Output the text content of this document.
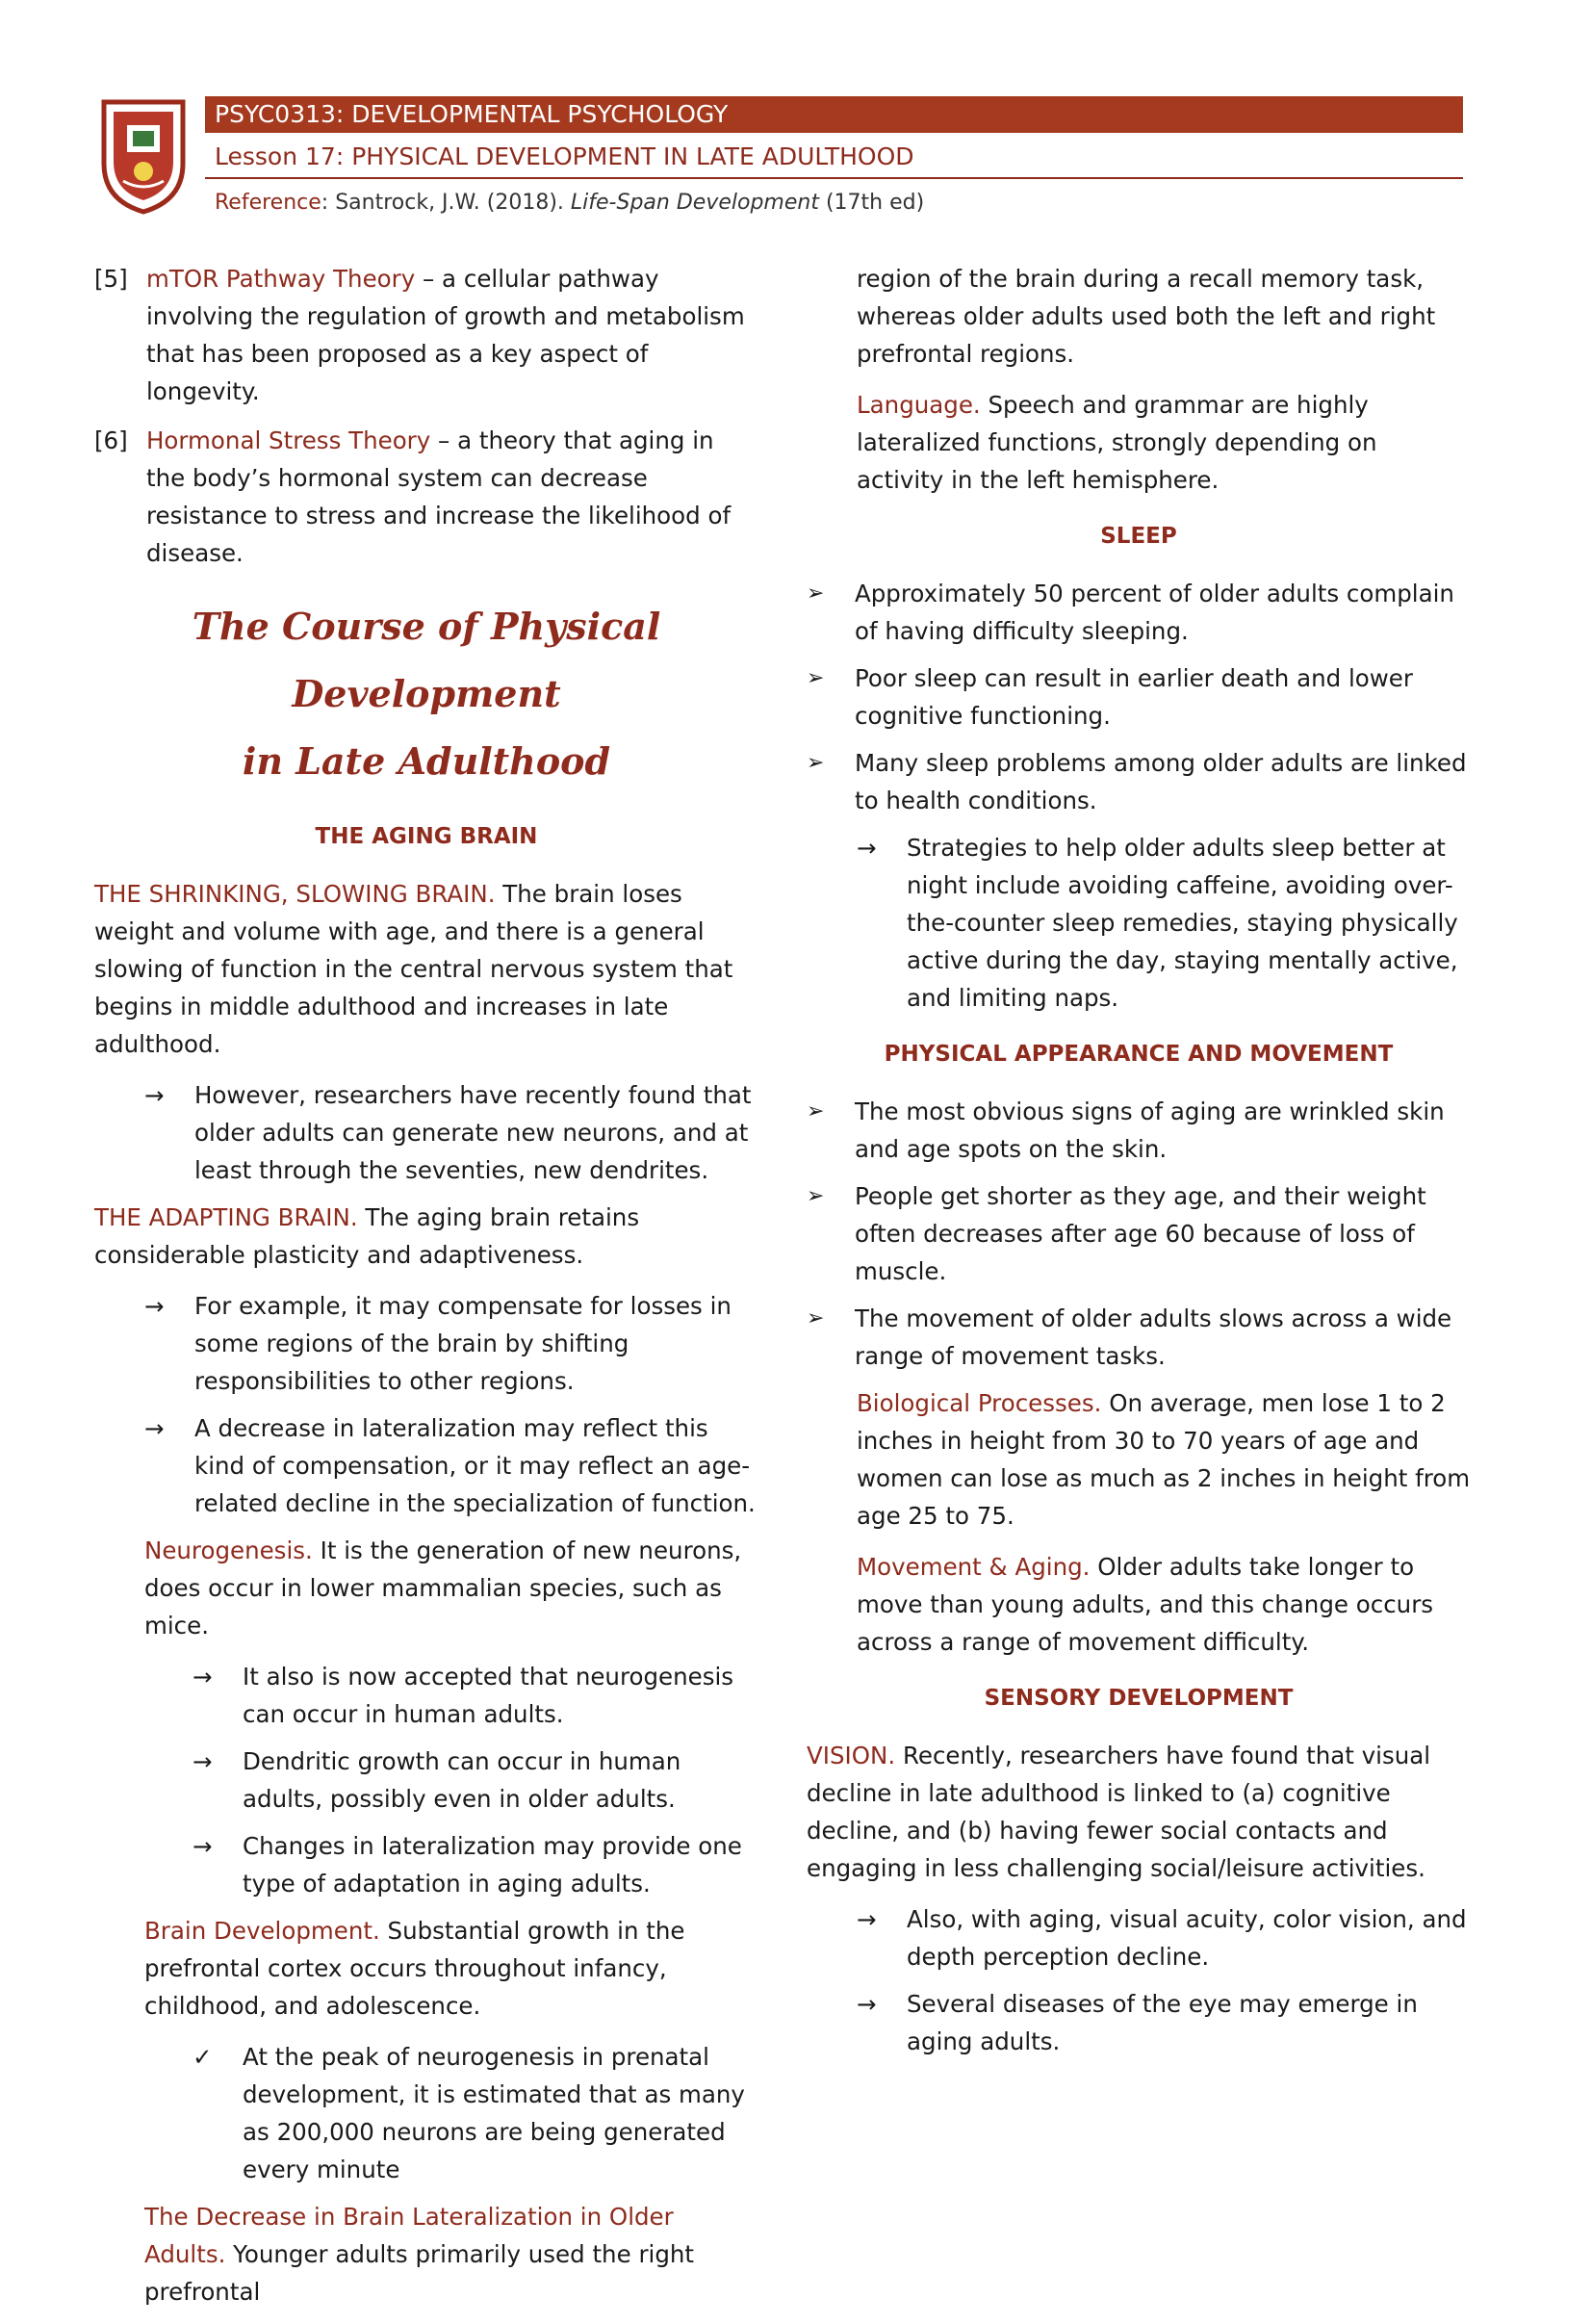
PSYC0313: DEVELOPMENTAL PSYCHOLOGY
Lesson 17: PHYSICAL DEVELOPMENT IN LATE ADULTHOOD
Reference: Santrock, J.W. (2018). Life-Span Development (17th ed)
[5] mTOR Pathway Theory – a cellular pathway involving the regulation of growth and metabolism that has been proposed as a key aspect of longevity.

[6] Hormonal Stress Theory – a theory that aging in the body’s hormonal system can decrease resistance to stress and increase the likelihood of disease.

The Course of Physical Development
in Late Adulthood
THE AGING BRAIN

THE SHRINKING, SLOWING BRAIN. The brain loses weight and volume with age, and there is a general slowing of function in the central nervous system that begins in middle adulthood and increases in late adulthood.

→	However, researchers have recently found that older adults can generate new neurons, and at least through the seventies, new dendrites.

THE ADAPTING BRAIN. The aging brain retains considerable plasticity and adaptiveness.

→	For example, it may compensate for losses in some regions of the brain by shifting responsibilities to other regions.
→	A decrease in lateralization may reflect this kind of compensation, or it may reflect an age-related decline in the specialization of function.

Neurogenesis. It is the generation of new neurons, does occur in lower mammalian species, such as mice.

→	It also is now accepted that neurogenesis can occur in human adults.
→	Dendritic growth can occur in human adults, possibly even in older adults.
→	Changes in lateralization may provide one type of adaptation in aging adults.

Brain Development. Substantial growth in the prefrontal cortex occurs throughout infancy, childhood, and adolescence.

✓	At the peak of neurogenesis in prenatal development, it is estimated that as many as 200,000 neurons are being generated every minute

The Decrease in Brain Lateralization in Older Adults. Younger adults primarily used the right prefrontal

region of the brain during a recall memory task, whereas older adults used both the left and right prefrontal regions.

Language. Speech and grammar are highly lateralized functions, strongly depending on activity in the left hemisphere.

SLEEP
➢	Approximately 50 percent of older adults complain of having difficulty sleeping.
➢	Poor sleep can result in earlier death and lower cognitive functioning.
➢	Many sleep problems among older adults are linked to health conditions.
→	Strategies to help older adults sleep better at night include avoiding caffeine, avoiding over-the-counter sleep remedies, staying physically active during the day, staying mentally active, and limiting naps.
PHYSICAL APPEARANCE AND MOVEMENT
➢	The most obvious signs of aging are wrinkled skin and age spots on the skin.
➢	People get shorter as they age, and their weight often decreases after age 60 because of loss of muscle.
➢	The movement of older adults slows across a wide range of movement tasks.

Biological Processes. On average, men lose 1 to 2 inches in height from 30 to 70 years of age and women can lose as much as 2 inches in height from age 25 to 75.

Movement & Aging. Older adults take longer to move than young adults, and this change occurs across a range of movement difficulty.

SENSORY DEVELOPMENT

VISION. Recently, researchers have found that visual decline in late adulthood is linked to (a) cognitive decline, and (b) having fewer social contacts and engaging in less challenging social/leisure activities.

→	Also, with aging, visual acuity, color vision, and depth perception decline.
→	Several diseases of the eye may emerge in aging adults.
